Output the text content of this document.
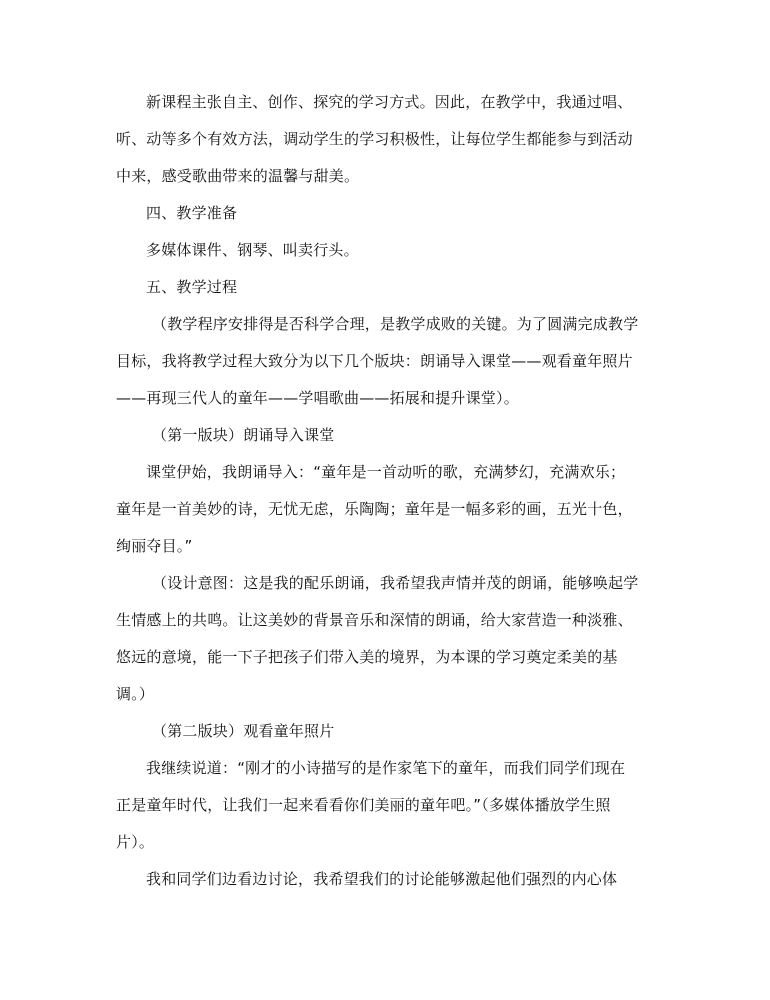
新课程主张自主、创作、探究的学习方式。因此，在教学中，我通过唱、
听、动等多个有效方法，调动学生的学习积极性，让每位学生都能参与到活动
中来，感受歌曲带来的温馨与甜美。

四、教学准备

多媒体课件、钢琴、叫卖行头。

五、教学过程

（教学程序安排得是否科学合理，是教学成败的关键。为了圆满完成教学
目标，我将教学过程大致分为以下几个版块：朗诵导入课堂——观看童年照片
——再现三代人的童年——学唱歌曲——拓展和提升课堂）。

（第一版块）朗诵导入课堂

课堂伊始，我朗诵导入：“童年是一首动听的歌，充满梦幻，充满欢乐；
童年是一首美妙的诗，无忧无虑，乐陶陶；童年是一幅多彩的画，五光十色，
绚丽夺目。”

（设计意图：这是我的配乐朗诵，我希望我声情并茂的朗诵，能够唤起学
生情感上的共鸣。让这美妙的背景音乐和深情的朗诵，给大家营造一种淡雅、
悠远的意境，能一下子把孩子们带入美的境界，为本课的学习奠定柔美的基
调。）

（第二版块）观看童年照片

我继续说道：“刚才的小诗描写的是作家笔下的童年，而我们同学们现在
正是童年时代，让我们一起来看看你们美丽的童年吧。”（多媒体播放学生照
片）。

我和同学们边看边讨论，我希望我们的讨论能够激起他们强烈的内心体
